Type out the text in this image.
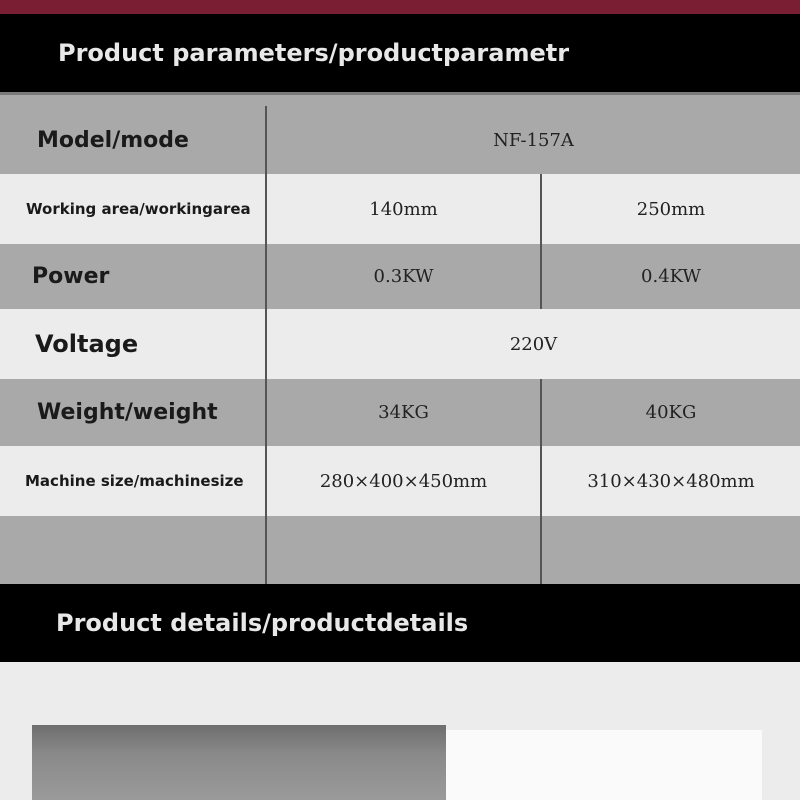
Product parameters/productparametr
Model/mode	NF-157A
Working area/workingarea	140mm	250mm
Power	0.3KW	0.4KW
Voltage	220V
Weight/weight	34KG	40KG
Machine size/machinesize	280×400×450mm	310×430×480mm
Product details/productdetails
